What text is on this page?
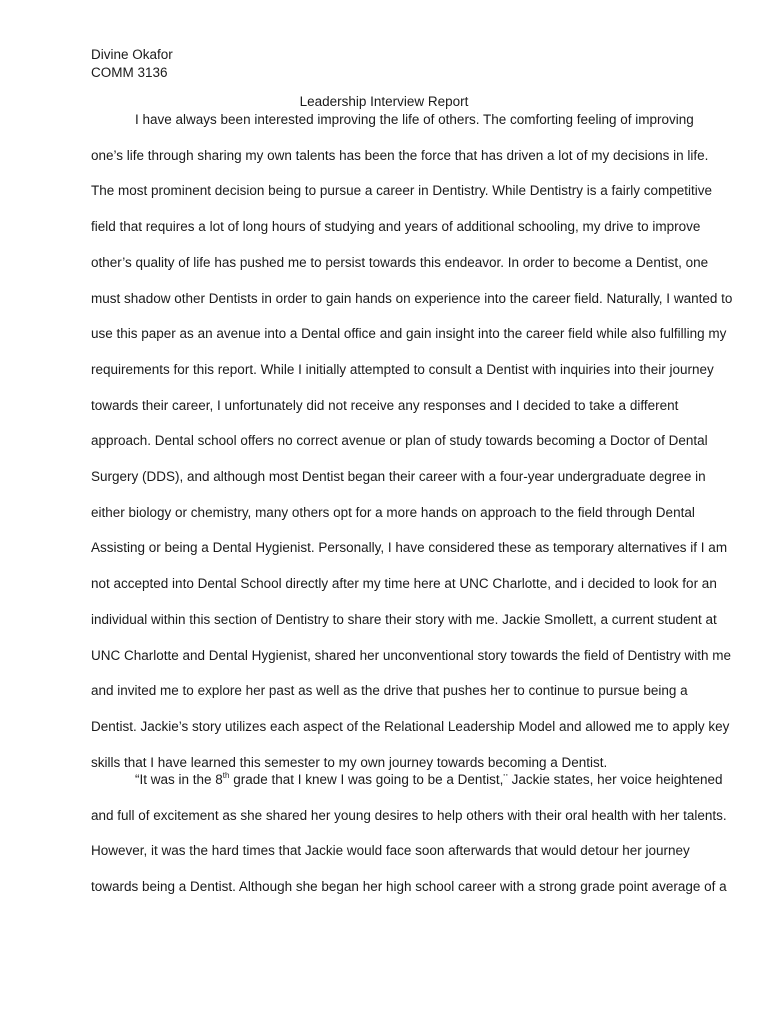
Divine Okafor
COMM 3136
Leadership Interview Report
I have always been interested improving the life of others. The comforting feeling of improving
one’s life through sharing my own talents has been the force that has driven a lot of my decisions in life.
The most prominent decision being to pursue a career in Dentistry. While Dentistry is a fairly competitive
field that requires a lot of long hours of studying and years of additional schooling, my drive to improve
other’s quality of life has pushed me to persist towards this endeavor. In order to become a Dentist, one
must shadow other Dentists in order to gain hands on experience into the career field. Naturally, I wanted to
use this paper as an avenue into a Dental office and gain insight into the career field while also fulfilling my
requirements for this report. While I initially attempted to consult a Dentist with inquiries into their journey
towards their career, I unfortunately did not receive any responses and I decided to take a different
approach. Dental school offers no correct avenue or plan of study towards becoming a Doctor of Dental
Surgery (DDS), and although most Dentist began their career with a four-year undergraduate degree in
either biology or chemistry, many others opt for a more hands on approach to the field through Dental
Assisting or being a Dental Hygienist. Personally, I have considered these as temporary alternatives if I am
not accepted into Dental School directly after my time here at UNC Charlotte, and i decided to look for an
individual within this section of Dentistry to share their story with me. Jackie Smollett, a current student at
UNC Charlotte and Dental Hygienist, shared her unconventional story towards the field of Dentistry with me
and invited me to explore her past as well as the drive that pushes her to continue to pursue being a
Dentist. Jackie’s story utilizes each aspect of the Relational Leadership Model and allowed me to apply key
skills that I have learned this semester to my own journey towards becoming a Dentist.
“It was in the 8th grade that I knew I was going to be a Dentist,¨ Jackie states, her voice heightened
and full of excitement as she shared her young desires to help others with their oral health with her talents.
However, it was the hard times that Jackie would face soon afterwards that would detour her journey
towards being a Dentist. Although she began her high school career with a strong grade point average of a
